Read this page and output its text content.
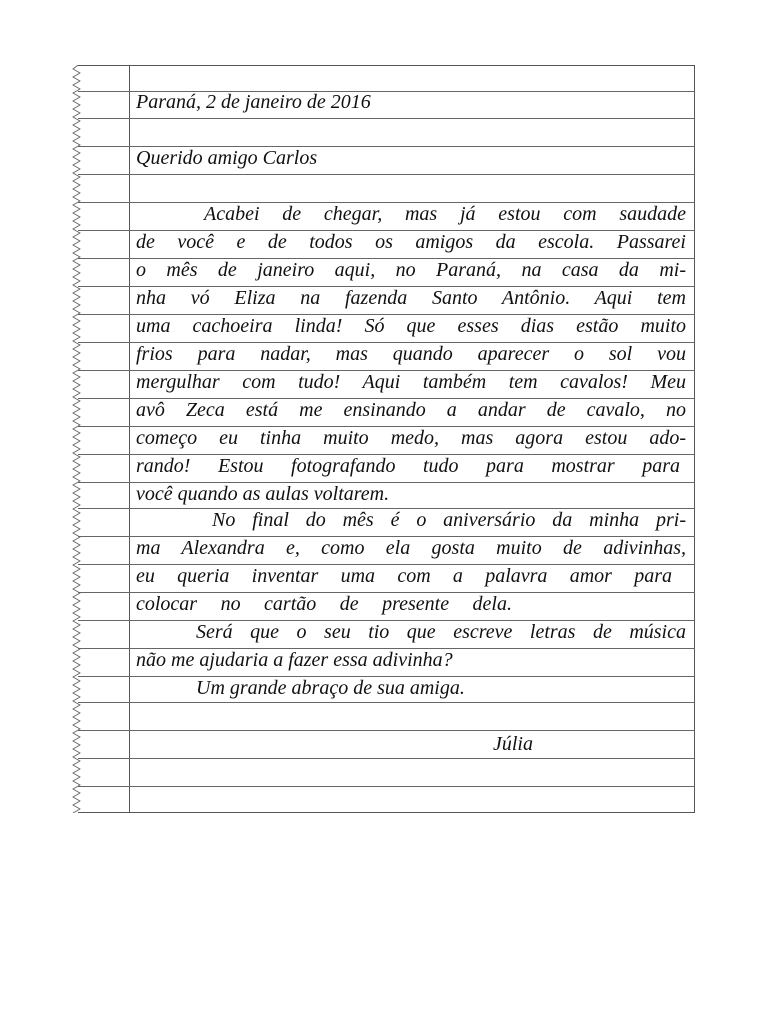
Paraná, 2 de janeiro de 2016
Querido amigo Carlos
Acabei de chegar, mas já estou com saudade
de você e de todos os amigos da escola. Passarei
o mês de janeiro aqui, no Paraná, na casa da mi-
nha vó Eliza na fazenda Santo Antônio. Aqui tem
uma cachoeira linda! Só que esses dias estão muito
frios para nadar, mas quando aparecer o sol vou
mergulhar com tudo! Aqui também tem cavalos! Meu
avô Zeca está me ensinando a andar de cavalo, no
começo eu tinha muito medo, mas agora estou ado-
rando! Estou fotografando tudo para mostrar para
você quando as aulas voltarem.
No final do mês é o aniversário da minha pri-
ma Alexandra e, como ela gosta muito de adivinhas,
eu queria inventar uma com a palavra amor para
colocar no cartão de presente dela.
Será que o seu tio que escreve letras de música
não me ajudaria a fazer essa adivinha?
Um grande abraço de sua amiga.
Júlia
